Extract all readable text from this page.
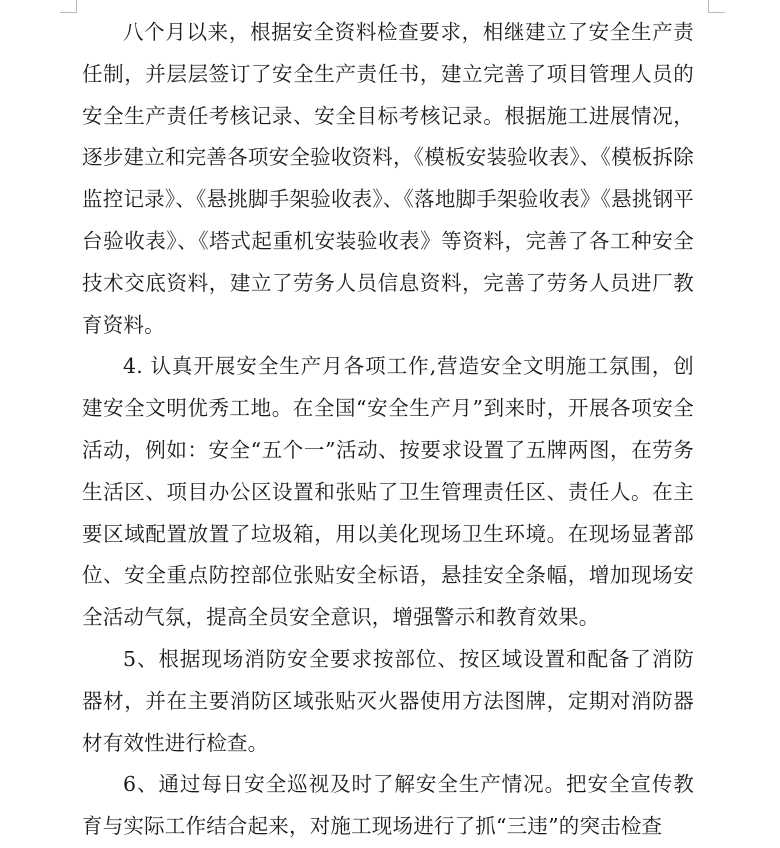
八个月以来，根据安全资料检查要求，相继建立了安全生产责任制，并层层签订了安全生产责任书，建立完善了项目管理人员的安全生产责任考核记录、安全目标考核记录。根据施工进展情况，逐步建立和完善各项安全验收资料，《模板安装验收表》、《模板拆除监控记录》、《悬挑脚手架验收表》、《落地脚手架验收表》《悬挑钢平台验收表》、《塔式起重机安装验收表》等资料，完善了各工种安全技术交底资料，建立了劳务人员信息资料，完善了劳务人员进厂教育资料。

4. 认真开展安全生产月各项工作,营造安全文明施工氛围，创建安全文明优秀工地。在全国“安全生产月”到来时，开展各项安全活动，例如：安全“五个一”活动、按要求设置了五牌两图，在劳务生活区、项目办公区设置和张贴了卫生管理责任区、责任人。在主要区域配置放置了垃圾箱，用以美化现场卫生环境。在现场显著部位、安全重点防控部位张贴安全标语，悬挂安全条幅，增加现场安全活动气氛，提高全员安全意识，增强警示和教育效果。

5、根据现场消防安全要求按部位、按区域设置和配备了消防器材，并在主要消防区域张贴灭火器使用方法图牌，定期对消防器材有效性进行检查。

6、通过每日安全巡视及时了解安全生产情况。把安全宣传教育与实际工作结合起来，对施工现场进行了抓“三违”的突击检查
